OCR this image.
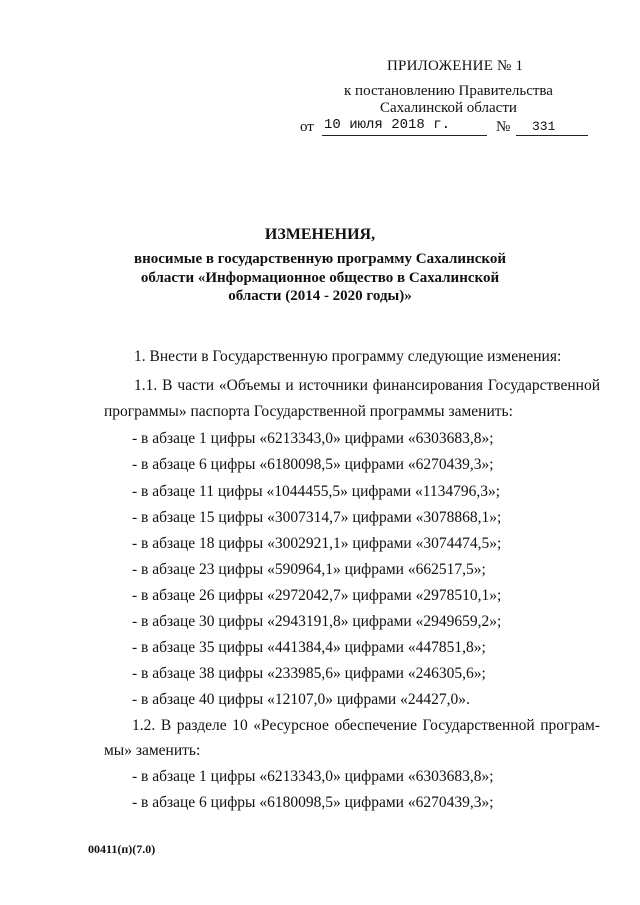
ПРИЛОЖЕНИЕ № 1
к постановлению Правительства
Сахалинской области
от 10 июля 2018 г.	№	331
ИЗМЕНЕНИЯ,
вносимые в государственную программу Сахалинской
области «Информационное общество в Сахалинской
области (2014 - 2020 годы)»
1. Внести в Государственную программу следующие изменения:
1.1. В части «Объемы и источники финансирования Государственной
программы» паспорта Государственной программы заменить:
- в абзаце 1 цифры «6213343,0» цифрами «6303683,8»;
- в абзаце 6 цифры «6180098,5» цифрами «6270439,3»;
- в абзаце 11 цифры «1044455,5» цифрами «1134796,3»;
- в абзаце 15 цифры «3007314,7» цифрами «3078868,1»;
- в абзаце 18 цифры «3002921,1» цифрами «3074474,5»;
- в абзаце 23 цифры «590964,1» цифрами «662517,5»;
- в абзаце 26 цифры «2972042,7» цифрами «2978510,1»;
- в абзаце 30 цифры «2943191,8» цифрами «2949659,2»;
- в абзаце 35 цифры «441384,4» цифрами «447851,8»;
- в абзаце 38 цифры «233985,6» цифрами «246305,6»;
- в абзаце 40 цифры «12107,0» цифрами «24427,0».
1.2. В разделе 10 «Ресурсное обеспечение Государственной програм-
мы» заменить:
- в абзаце 1 цифры «6213343,0» цифрами «6303683,8»;
- в абзаце 6 цифры «6180098,5» цифрами «6270439,3»;
00411(п)(7.0)
